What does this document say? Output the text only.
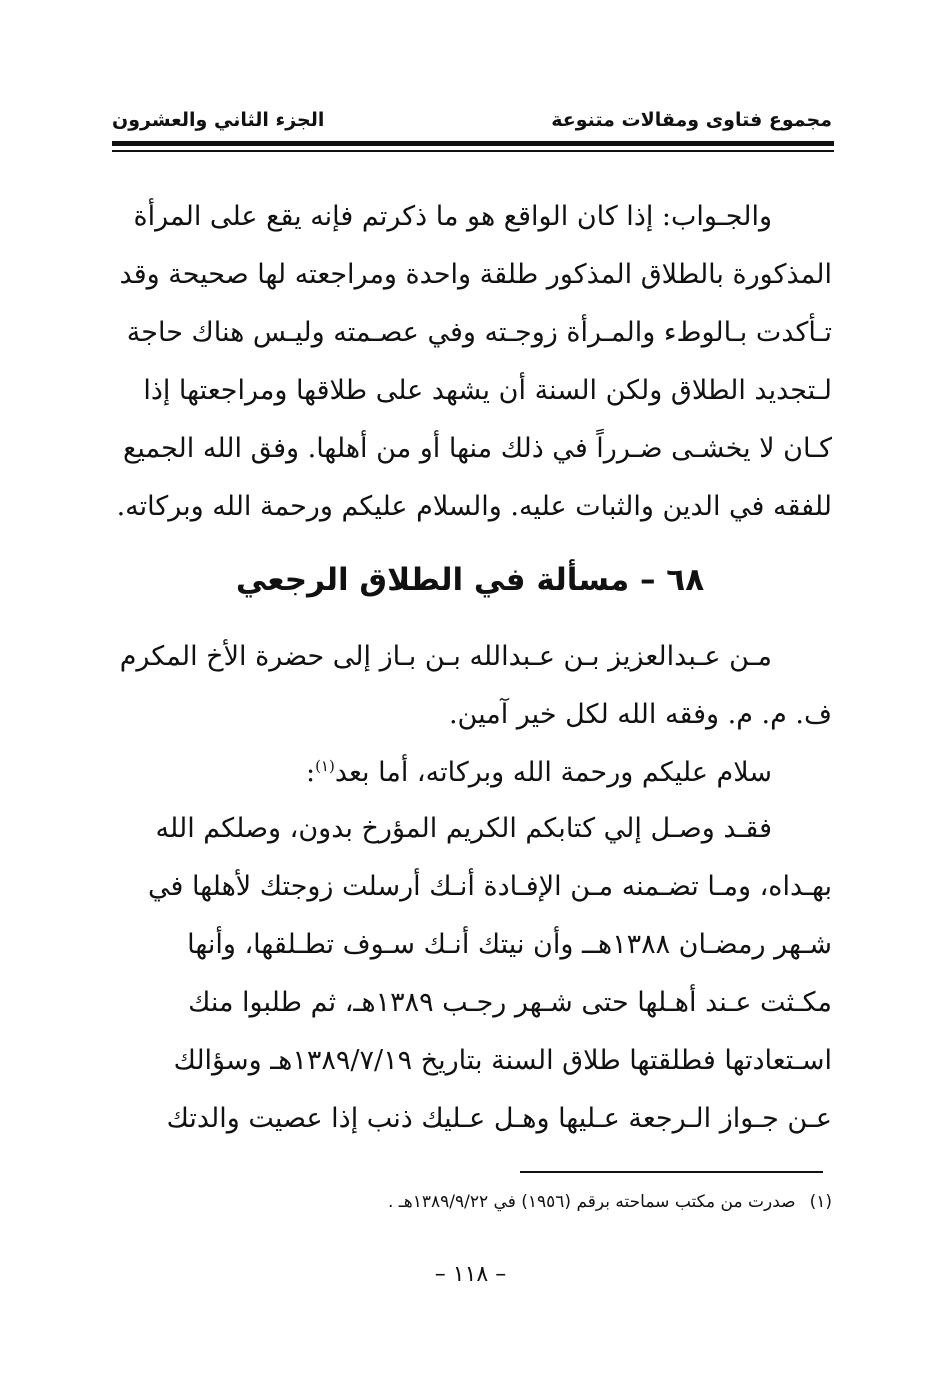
مجموع فتاوى ومقالات متنوعة
الجزء الثاني والعشرون
والجـواب: إذا كان الواقع هو ما ذكرتم فإنه يقع على المرأة
المذكورة بالطلاق المذكور طلقة واحدة ومراجعته لها صحيحة وقد
تـأكدت بـالوطء والمـرأة زوجـته وفي عصـمته وليـس هناك حاجة
لـتجديد الطلاق ولكن السنة أن يشهد على طلاقها ومراجعتها إذا
كـان لا يخشـى ضـرراً في ذلك منها أو من أهلها. وفق الله الجميع
للفقه في الدين والثبات عليه. والسلام عليكم ورحمة الله وبركاته.
٦٨ – مسألة في الطلاق الرجعي
مـن عـبدالعزيز بـن عـبدالله بـن بـاز إلى حضرة الأخ المكرم
ف. م. م. وفقه الله لكل خير آمين.
سلام عليكم ورحمة الله وبركاته، أما بعد$^{(١)}$:
فقـد وصـل إلي كتابكم الكريم المؤرخ بدون، وصلكم الله
بهـداه، ومـا تضـمنه مـن الإفـادة أنـك أرسلت زوجتك لأهلها في
شـهر رمضـان ١٣٨٨هــ وأن نيتك أنـك سـوف تطـلقها، وأنها
مكـثت عـند أهـلها حتى شـهر رجـب ١٣٨٩هـ، ثم طلبوا منك
اسـتعادتها فطلقتها طلاق السنة بتاريخ ١٣٨٩/٧/١٩هـ وسؤالك
عـن جـواز الـرجعة عـليها وهـل عـليك ذنب إذا عصيت والدتك

(١)صدرت من مكتب سماحته برقم (١٩٥٦) في ١٣٨٩/٩/٢٢هـ .

– ١١٨ –
